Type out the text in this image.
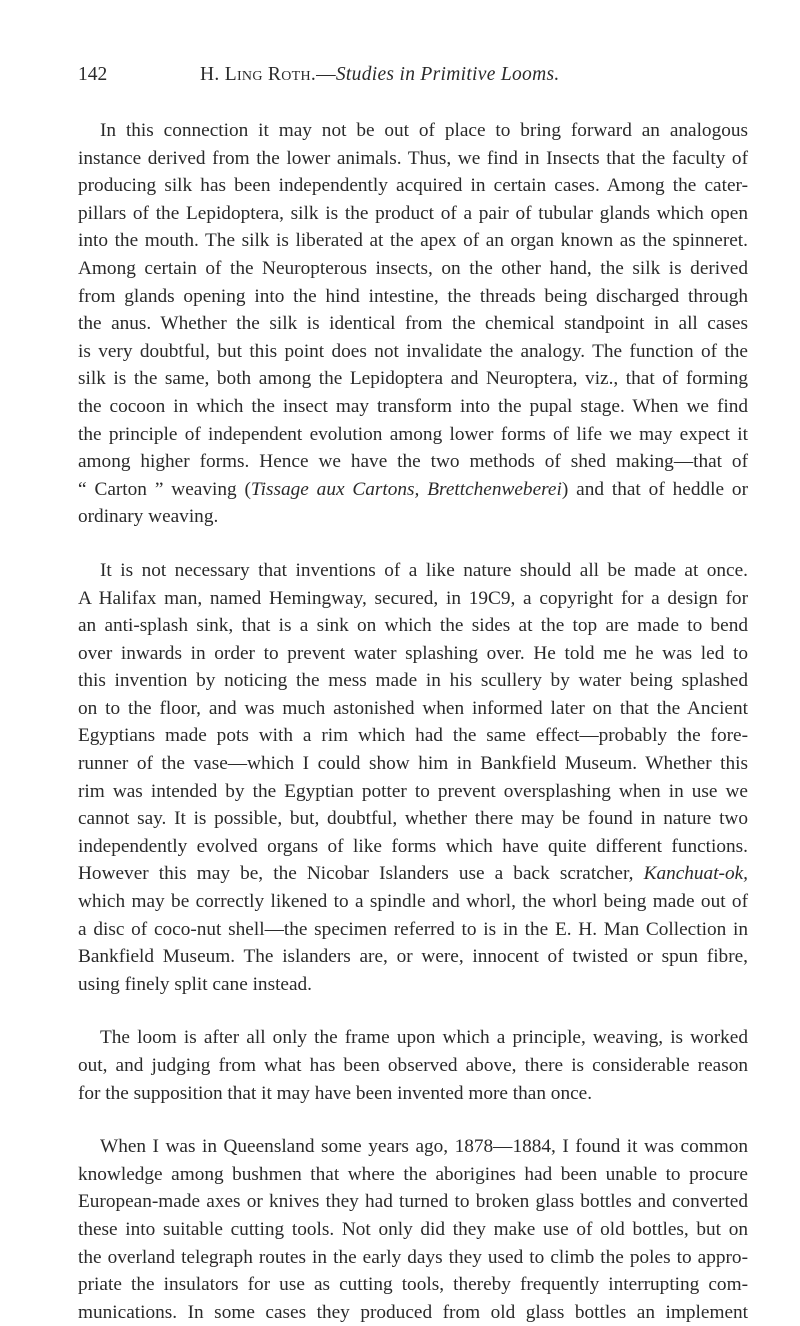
142	H. Ling Roth.—Studies in Primitive Looms.

In this connection it may not be out of place to bring forward an analogous
instance derived from the lower animals. Thus, we find in Insects that the faculty of
producing silk has been independently acquired in certain cases. Among the cater-
pillars of the Lepidoptera, silk is the product of a pair of tubular glands which open
into the mouth. The silk is liberated at the apex of an organ known as the spinneret.
Among certain of the Neuropterous insects, on the other hand, the silk is derived
from glands opening into the hind intestine, the threads being discharged through
the anus. Whether the silk is identical from the chemical standpoint in all cases
is very doubtful, but this point does not invalidate the analogy. The function of the
silk is the same, both among the Lepidoptera and Neuroptera, viz., that of forming
the cocoon in which the insect may transform into the pupal stage. When we find
the principle of independent evolution among lower forms of life we may expect it
among higher forms. Hence we have the two methods of shed making—that of
“ Carton ” weaving (Tissage aux Cartons, Brettchenweberei) and that of heddle or
ordinary weaving.

It is not necessary that inventions of a like nature should all be made at once.
A Halifax man, named Hemingway, secured, in 19C9, a copyright for a design for
an anti-splash sink, that is a sink on which the sides at the top are made to bend
over inwards in order to prevent water splashing over. He told me he was led to
this invention by noticing the mess made in his scullery by water being splashed
on to the floor, and was much astonished when informed later on that the Ancient
Egyptians made pots with a rim which had the same effect—probably the fore-
runner of the vase—which I could show him in Bankfield Museum. Whether this
rim was intended by the Egyptian potter to prevent oversplashing when in use we
cannot say. It is possible, but, doubtful, whether there may be found in nature two
independently evolved organs of like forms which have quite different functions.
However this may be, the Nicobar Islanders use a back scratcher, Kanchuat-ok,
which may be correctly likened to a spindle and whorl, the whorl being made out of
a disc of coco-nut shell—the specimen referred to is in the E. H. Man Collection in
Bankfield Museum. The islanders are, or were, innocent of twisted or spun fibre,
using finely split cane instead.

The loom is after all only the frame upon which a principle, weaving, is worked
out, and judging from what has been observed above, there is considerable reason
for the supposition that it may have been invented more than once.

When I was in Queensland some years ago, 1878—1884, I found it was common
knowledge among bushmen that where the aborigines had been unable to procure
European-made axes or knives they had turned to broken glass bottles and converted
these into suitable cutting tools. Not only did they make use of old bottles, but on
the overland telegraph routes in the early days they used to climb the poles to appro-
priate the insulators for use as cutting tools, thereby frequently interrupting com-
munications. In some cases they produced from old glass bottles an implement
